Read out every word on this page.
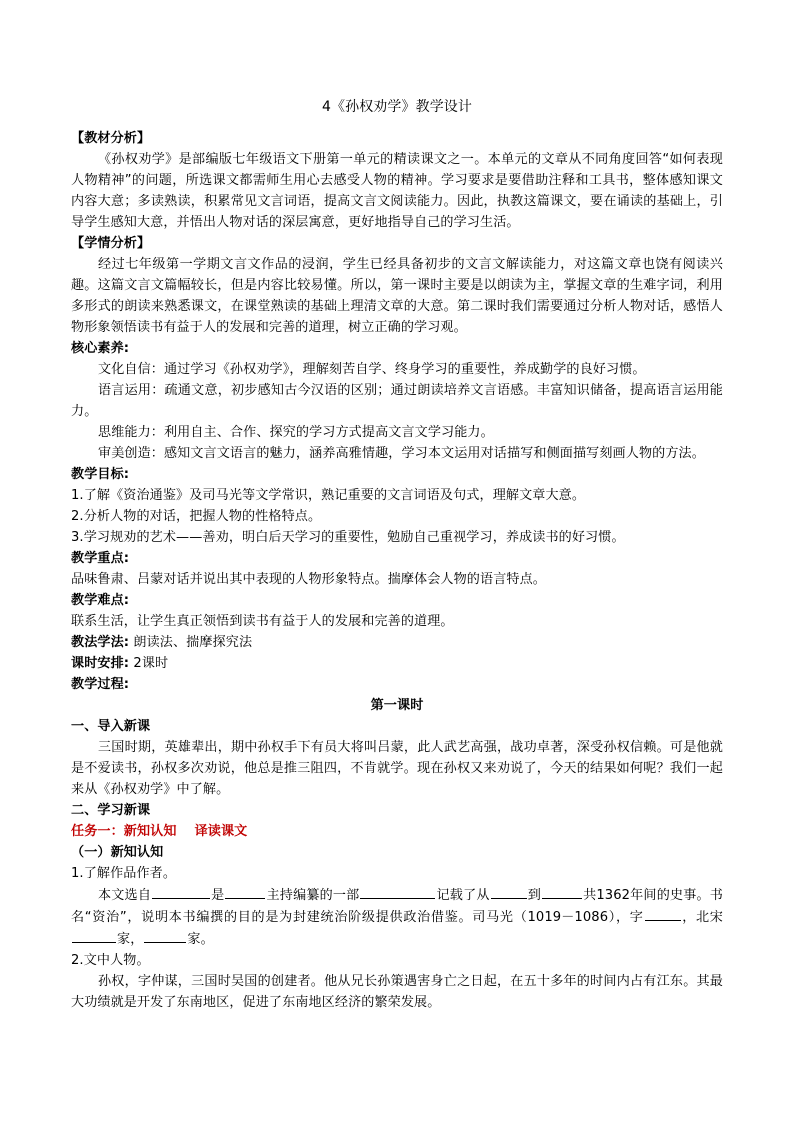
4《孙权劝学》教学设计
【教材分析】
《孙权劝学》是部编版七年级语文下册第一单元的精读课文之一。本单元的文章从不同角度回答“如何表现人物精神”的问题，所选课文都需师生用心去感受人物的精神。学习要求是要借助注释和工具书，整体感知课文内容大意；多读熟读，积累常见文言词语，提高文言文阅读能力。因此，执教这篇课文，要在诵读的基础上，引导学生感知大意，并悟出人物对话的深层寓意，更好地指导自己的学习生活。
【学情分析】
经过七年级第一学期文言文作品的浸润，学生已经具备初步的文言文解读能力，对这篇文章也饶有阅读兴趣。这篇文言文篇幅较长，但是内容比较易懂。所以，第一课时主要是以朗读为主，掌握文章的生难字词，利用多形式的朗读来熟悉课文，在课堂熟读的基础上理清文章的大意。第二课时我们需要通过分析人物对话，感悟人物形象领悟读书有益于人的发展和完善的道理，树立正确的学习观。
核心素养:
文化自信：通过学习《孙权劝学》，理解刻苦自学、终身学习的重要性，养成勤学的良好习惯。
语言运用：疏通文意，初步感知古今汉语的区别；通过朗读培养文言语感。丰富知识储备，提高语言运用能力。
思维能力：利用自主、合作、探究的学习方式提高文言文学习能力。
审美创造：感知文言文语言的魅力，涵养高雅情趣，学习本文运用对话描写和侧面描写刻画人物的方法。
教学目标:
1.了解《资治通鉴》及司马光等文学常识，熟记重要的文言词语及句式，理解文章大意。
2.分析人物的对话，把握人物的性格特点。
3.学习规劝的艺术——善劝，明白后天学习的重要性，勉励自己重视学习，养成读书的好习惯。
教学重点:
品味鲁肃、吕蒙对话并说出其中表现的人物形象特点。揣摩体会人物的语言特点。
教学难点:
联系生活，让学生真正领悟到读书有益于人的发展和完善的道理。
教法学法: 朗读法、揣摩探究法
课时安排: 2课时
教学过程:
第一课时
一、导入新课
三国时期，英雄辈出，期中孙权手下有员大将叫吕蒙，此人武艺高强，战功卓著，深受孙权信赖。可是他就是不爱读书，孙权多次劝说，他总是推三阻四，不肯就学。现在孙权又来劝说了，今天的结果如何呢？我们一起来从《孙权劝学》中了解。
二、学习新课
任务一：新知认知 译读课文
（一）新知认知
1.了解作品作者。
本文选自	是	主持编纂的一部	记载了从	到	共1362年间的史事。书名“资治”，说明本书编撰的目的是为封建统治阶级提供政治借鉴。司马光（1019－1086），字	，北宋家，	家。
2.文中人物。
孙权，字仲谋，三国时吴国的创建者。他从兄长孙策遇害身亡之日起，在五十多年的时间内占有江东。其最大功绩就是开发了东南地区，促进了东南地区经济的繁荣发展。
